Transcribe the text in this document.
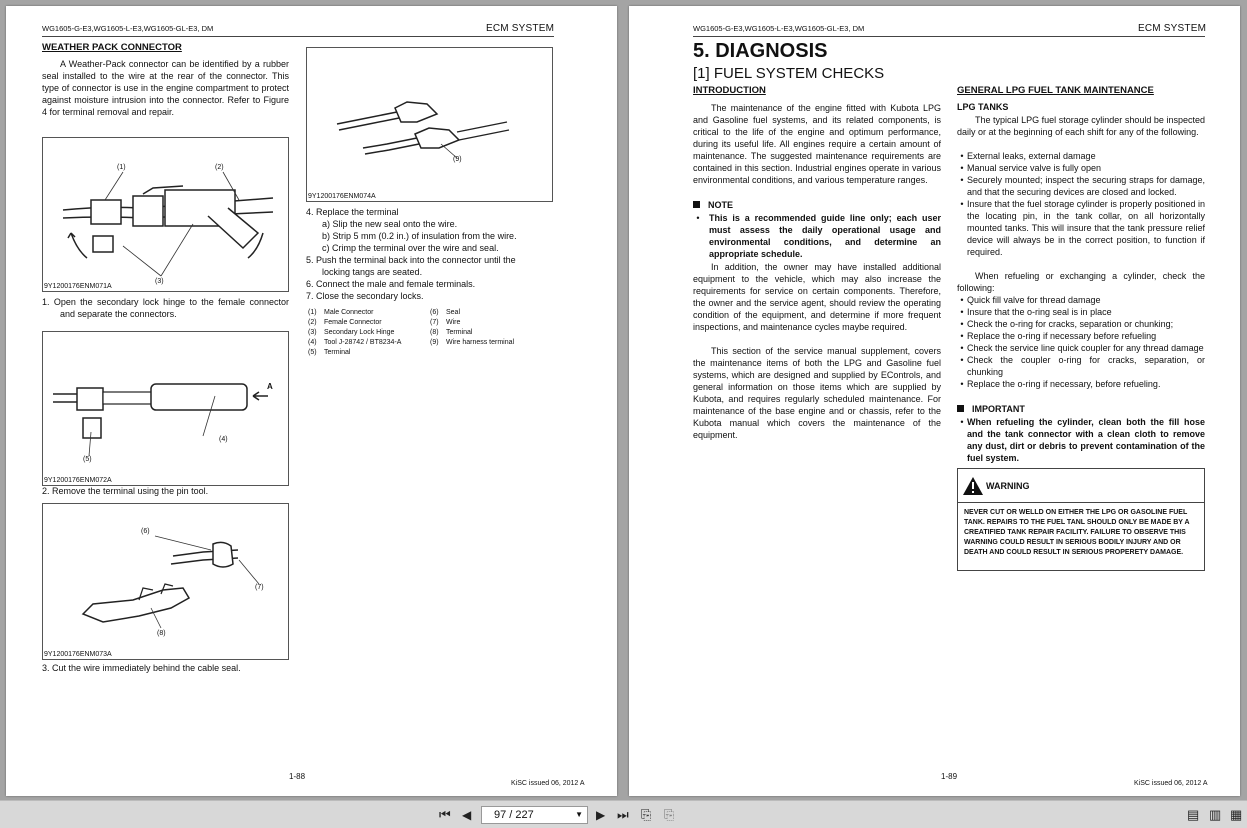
WG1605-G-E3,WG1605-L-E3,WG1605-GL-E3, DM	ECM SYSTEM
WEATHER PACK CONNECTOR
A Weather-Pack connector can be identified by a rubber seal installed to the wire at the rear of the connector. This type of connector is use in the engine compartment to protect against moisture intrusion into the connector. Refer to Figure 4 for terminal removal and repair.
(1)	(2)
(3)
9Y1200176ENM071A
1. Open the secondary lock hinge to the female connector and separate the connectors.
(4)
(5)
A
9Y1200176ENM072A
2. Remove the terminal using the pin tool.
(6)
(7)
(8)
9Y1200176ENM073A
3. Cut the wire immediately behind the cable seal.
(9)
9Y1200176ENM074A
4. Replace the terminal
a) Slip the new seal onto the wire.
b) Strip 5 mm (0.2 in.) of insulation from the wire.
c) Crimp the terminal over the wire and seal.
5. Push the terminal back into the connector until the
locking tangs are seated.
6. Connect the male and female terminals.
7. Close the secondary locks.
(1)	Male Connector	(6)	Seal
(2)	Female Connector	(7)	Wire
(3)	Secondary Lock Hinge	(8)	Terminal
(4)	Tool J-28742 / BT8234-A	(9)	Wire harness terminal
(5)	Terminal
1-88
KiSC issued 06, 2012 A
WG1605-G-E3,WG1605-L-E3,WG1605-GL-E3, DM	ECM SYSTEM
5. DIAGNOSIS
[1] FUEL SYSTEM CHECKS
INTRODUCTION
The maintenance of the engine fitted with Kubota LPG and Gasoline fuel systems, and its related components, is critical to the life of the engine and optimum performance, during its useful life. All engines require a certain amount of maintenance. The suggested maintenance requirements are contained in this section. Industrial engines operate in various environmental conditions, and various temperature ranges.
NOTE
•	This is a recommended guide line only; each user must assess the daily operational usage and environmental conditions, and determine an appropriate schedule.
In addition, the owner may have installed additional equipment to the vehicle, which may also increase the requirements for service on certain components. Therefore, the owner and the service agent, should review the operating condition of the equipment, and determine if more frequent inspections, and maintenance cycles maybe required.
This section of the service manual supplement, covers the maintenance items of both the LPG and Gasoline fuel systems, which are designed and supplied by EControls, and general information on those items which are supplied by Kubota, and requires regularly scheduled maintenance. For maintenance of the base engine and or chassis, refer to the Kubota manual which covers the maintenance of the equipment.
GENERAL LPG FUEL TANK MAINTENANCE
LPG TANKS
The typical LPG fuel storage cylinder should be inspected daily or at the beginning of each shift for any of the following.
• External leaks, external damage
• Manual service valve is fully open
• Securely mounted; inspect the securing straps for damage, and that the securing devices are closed and locked.
• Insure that the fuel storage cylinder is properly positioned in the locating pin, in the tank collar, on all horizontally mounted tanks. This will insure that the tank pressure relief device will always be in the correct position, to function if required.
When refueling or exchanging a cylinder, check the following:
• Quick fill valve for thread damage
• Insure that the o-ring seal is in place
• Check the o-ring for cracks, separation or chunking;
• Replace the o-ring if necessary before refueling
• Check the service line quick coupler for any thread damage
• Check the coupler o-ring for cracks, separation, or chunking
• Replace the o-ring if necessary, before refueling.
IMPORTANT
• When refueling the cylinder, clean both the fill hose and the tank connector with a clean cloth to remove any dust, dirt or debris to prevent contamination of the fuel system.
WARNING
NEVER CUT OR WELLD ON EITHER THE LPG OR GASOLINE FUEL TANK. REPAIRS TO THE FUEL TANL SHOULD ONLY BE MADE BY A CREATIFIED TANK REPAIR FACILITY. FAILURE TO OBSERVE THIS WARNING COULD RESULT IN SERIOUS BODILY INJURY AND OR DEATH AND COULD RESULT IN SERIOUS PROPERETY DAMAGE.
1-89
KiSC issued 06, 2012 A
⏮ ◀	97 / 227	▼ ▶ ⏭ ⎘ ⎘	▤ ▥ ▦
